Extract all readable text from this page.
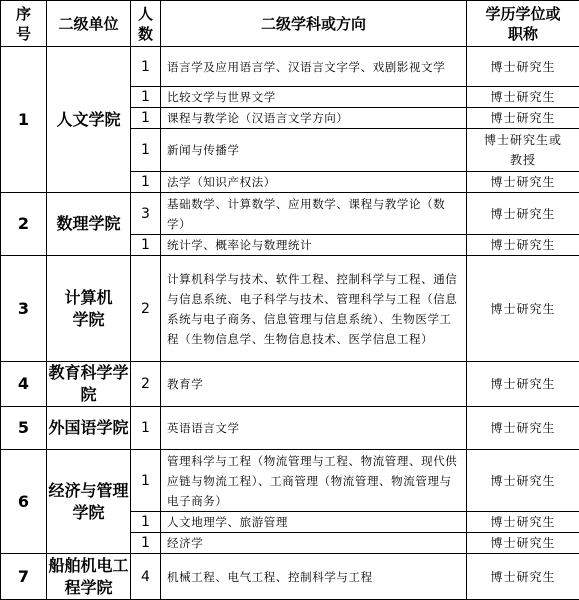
序号	二级单位	人数	二级学科或方向	学历学位或职称
1	人文学院	1	语言学及应用语言学、汉语言文字学、戏剧影视文学	博士研究生
		1	比较文学与世界文学	博士研究生
		1	课程与教学论（汉语言文学方向）	博士研究生
		1	新闻与传播学	博士研究生或教授
		1	法学（知识产权法）	博士研究生
2	数理学院	3	基础数学、计算数学、应用数学、课程与教学论（数学）	博士研究生
		1	统计学、概率论与数理统计	博士研究生
3	计算机学院	2	计算机科学与技术、软件工程、控制科学与工程、通信与信息系统、电子科学与技术、管理科学与工程（信息系统与电子商务、信息管理与信息系统）、生物医学工程（生物信息学、生物信息技术、医学信息工程）	博士研究生
4	教育科学学院	2	教育学	博士研究生
5	外国语学院	1	英语语言文学	博士研究生
6	经济与管理学院	1	管理科学与工程（物流管理与工程、物流管理、现代供应链与物流工程）、工商管理（物流管理、物流管理与电子商务）	博士研究生
		1	人文地理学、旅游管理	博士研究生
		1	经济学	博士研究生
7	船舶机电工程学院	4	机械工程、电气工程、控制科学与工程	博士研究生
